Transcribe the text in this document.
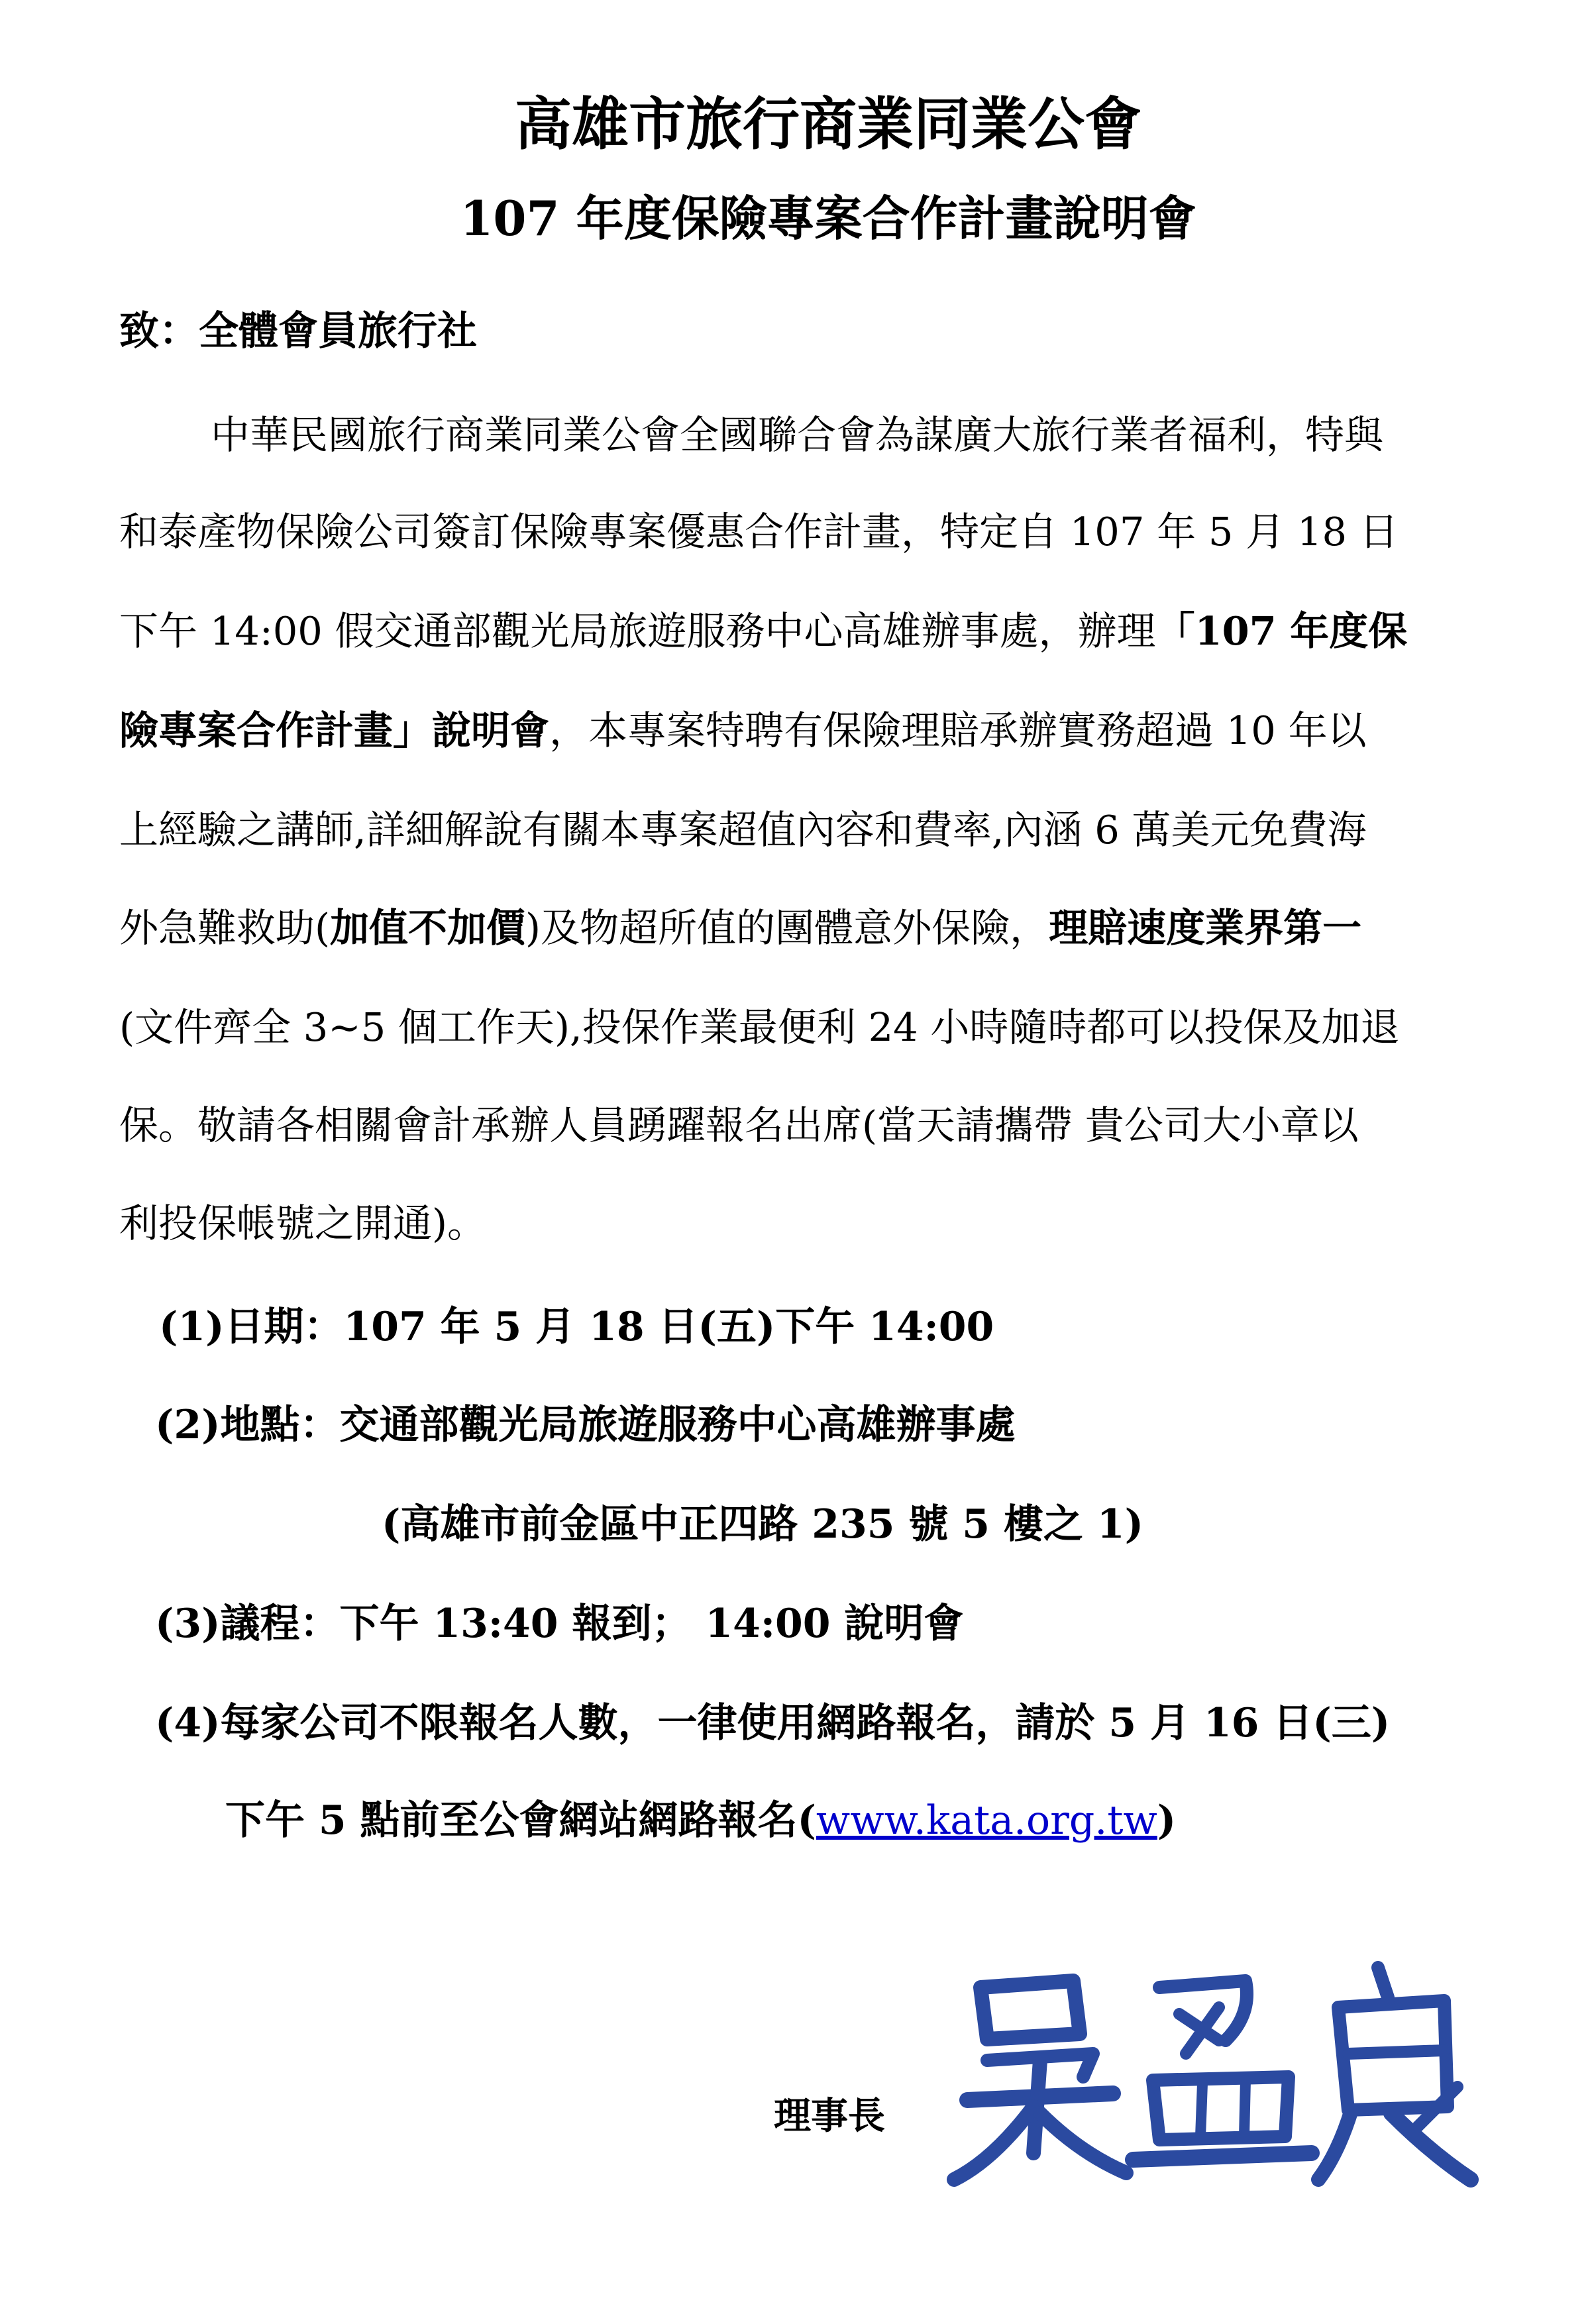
高雄市旅行商業同業公會
107 年度保險專案合作計畫說明會
致：全體會員旅行社
中華民國旅行商業同業公會全國聯合會為謀廣大旅行業者福利，特與
和泰產物保險公司簽訂保險專案優惠合作計畫，特定自 107 年 5 月 18 日
下午 14:00 假交通部觀光局旅遊服務中心高雄辦事處，辦理「107 年度保
險專案合作計畫」說明會，本專案特聘有保險理賠承辦實務超過 10 年以
上經驗之講師,詳細解說有關本專案超值內容和費率,內涵 6 萬美元免費海
外急難救助(加值不加價)及物超所值的團體意外保險，理賠速度業界第一
(文件齊全 3~5 個工作天),投保作業最便利 24 小時隨時都可以投保及加退
保。敬請各相關會計承辦人員踴躍報名出席(當天請攜帶 貴公司大小章以
利投保帳號之開通)。
(1)日期：107 年 5 月 18 日(五)下午 14:00
(2)地點：交通部觀光局旅遊服務中心高雄辦事處
(高雄市前金區中正四路 235 號 5 樓之 1)
(3)議程：下午 13:40 報到； 14:00 說明會
(4)每家公司不限報名人數，一律使用網路報名，請於 5 月 16 日(三)
下午 5 點前至公會網站網路報名(www.kata.org.tw)
理事長
